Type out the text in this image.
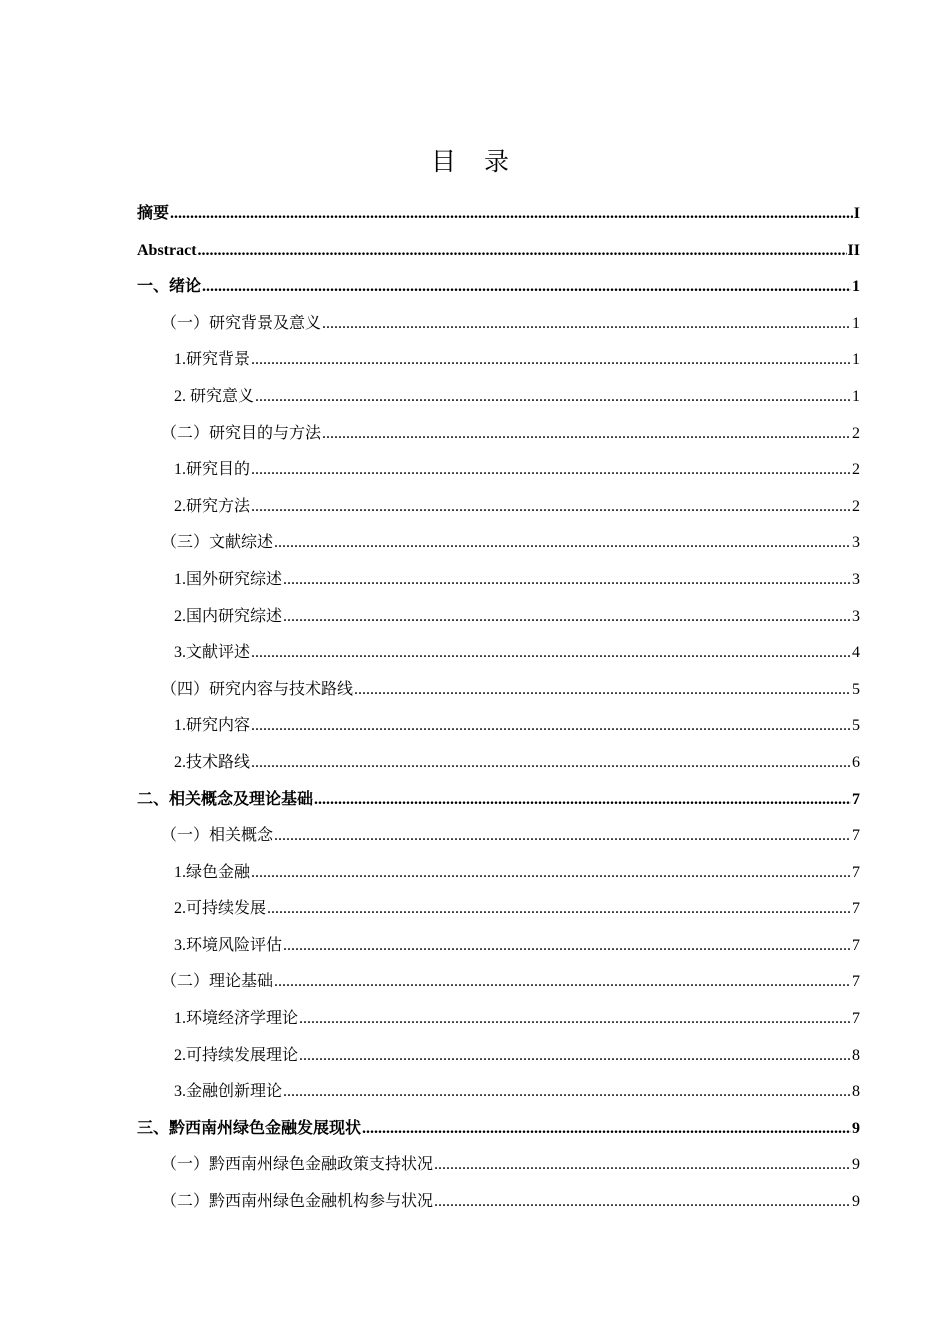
目 录
摘要 .....	I
Abstract .....	II
一、绪论 .....	1
（一）研究背景及意义 .....	1
1.研究背景 .....	1
2. 研究意义 .....	1
（二）研究目的与方法 .....	2
1.研究目的 .....	2
2.研究方法 .....	2
（三）文献综述 .....	3
1.国外研究综述 .....	3
2.国内研究综述 .....	3
3.文献评述 .....	4
（四）研究内容与技术路线 .....	5
1.研究内容 .....	5
2.技术路线 .....	6
二、相关概念及理论基础 .....	7
（一）相关概念 .....	7
1.绿色金融 .....	7
2.可持续发展 .....	7
3.环境风险评估 .....	7
（二）理论基础 .....	7
1.环境经济学理论 .....	7
2.可持续发展理论 .....	8
3.金融创新理论 .....	8
三、黔西南州绿色金融发展现状 .....	9
（一）黔西南州绿色金融政策支持状况 .....	9
（二）黔西南州绿色金融机构参与状况 .....	9
